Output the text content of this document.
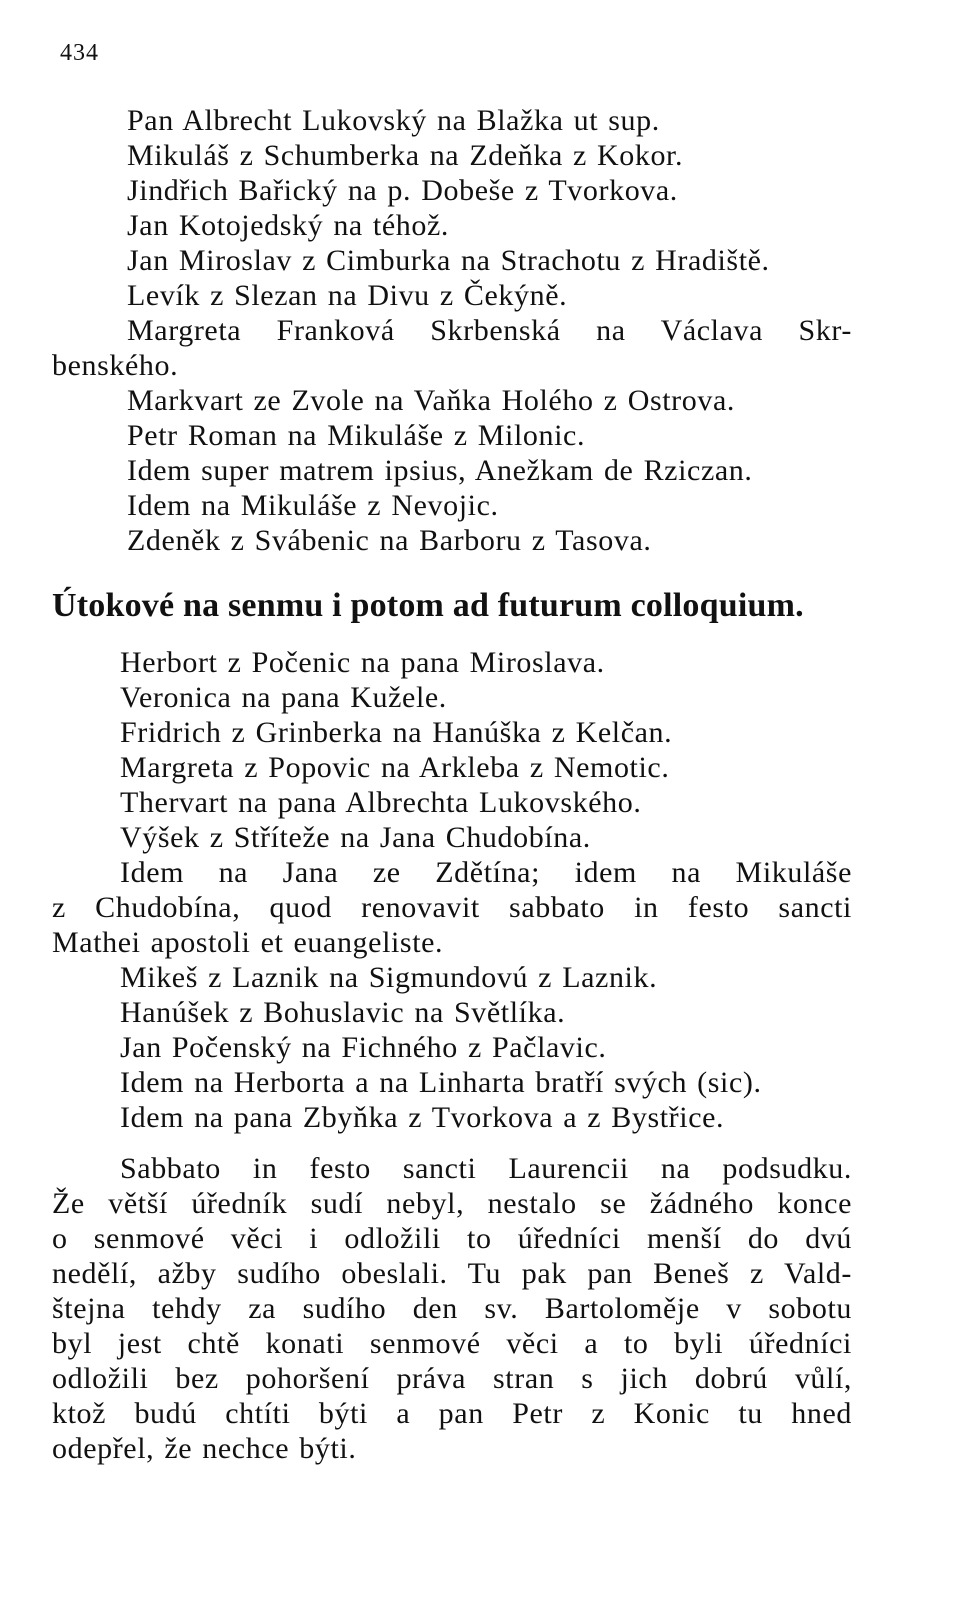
434
Pan Albrecht Lukovský na Blažka ut sup.
Mikuláš z Schumberka na Zdeňka z Kokor.
Jindřich Bařický na p. Dobeše z Tvorkova.
Jan Kotojedský na téhož.
Jan Miroslav z Cimburka na Strachotu z Hradiště.
Levík z Slezan na Divu z Čekýně.
Margreta Franková Skrbenská na Václava Skr-
benského.
Markvart ze Zvole na Vaňka Holého z Ostrova.
Petr Roman na Mikuláše z Milonic.
Idem super matrem ipsius, Anežkam de Rziczan.
Idem na Mikuláše z Nevojic.
Zdeněk z Svábenic na Barboru z Tasova.
Útokové na senmu i potom ad futurum colloquium.
Herbort z Počenic na pana Miroslava.
Veronica na pana Kužele.
Fridrich z Grinberka na Hanúška z Kelčan.
Margreta z Popovic na Arkleba z Nemotic.
Thervart na pana Albrechta Lukovského.
Výšek z Stříteže na Jana Chudobína.
Idem na Jana ze Zdětína; idem na Mikuláše
z Chudobína, quod renovavit sabbato in festo sancti
Mathei apostoli et euangeliste.
Mikeš z Laznik na Sigmundovú z Laznik.
Hanúšek z Bohuslavic na Světlíka.
Jan Počenský na Fichného z Pačlavic.
Idem na Herborta a na Linharta bratří svých (sic).
Idem na pana Zbyňka z Tvorkova a z Bystřice.
Sabbato in festo sancti Laurencii na podsudku.
Že větší úředník sudí nebyl, nestalo se žádného konce
o senmové věci i odložili to úředníci menší do dvú
nedělí, ažby sudího obeslali. Tu pak pan Beneš z Vald-
štejna tehdy za sudího den sv. Bartoloměje v sobotu
byl jest chtě konati senmové věci a to byli úředníci
odložili bez pohoršení práva stran s jich dobrú vůlí,
ktož budú chtíti býti a pan Petr z Konic tu hned
odepřel, že nechce býti.
